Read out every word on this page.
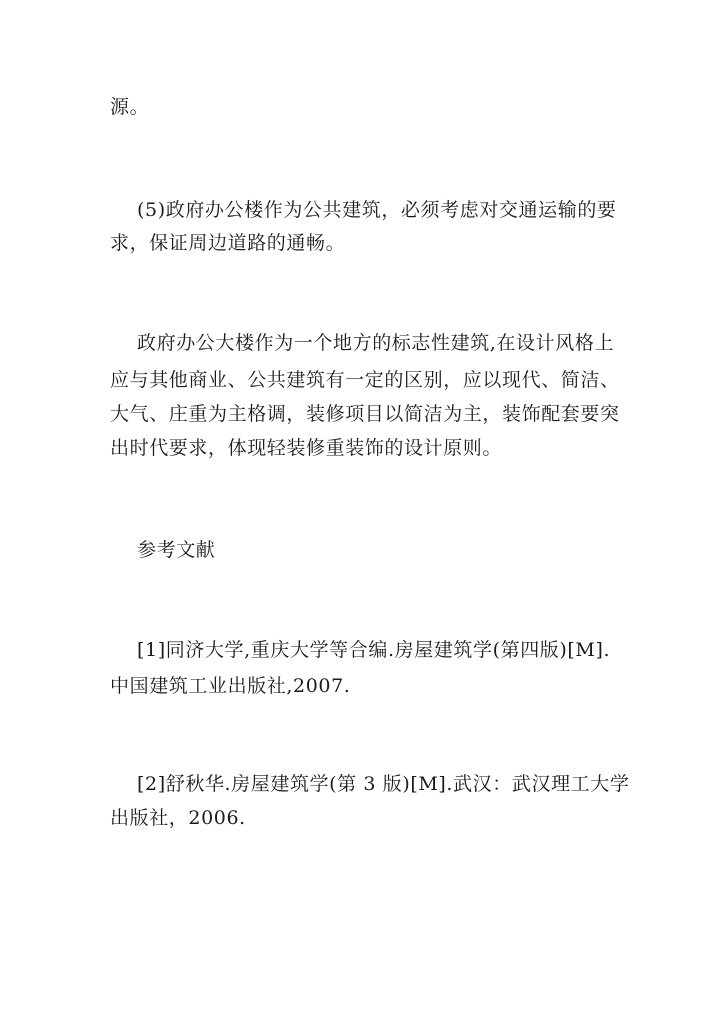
源。
(5)政府办公楼作为公共建筑，必须考虑对交通运输的要
求，保证周边道路的通畅。
政府办公大楼作为一个地方的标志性建筑,在设计风格上
应与其他商业、公共建筑有一定的区别，应以现代、简洁、
大气、庄重为主格调，装修项目以简洁为主，装饰配套要突
出时代要求，体现轻装修重装饰的设计原则。
参考文献
[1]同济大学,重庆大学等合编.房屋建筑学(第四版)[M].
中国建筑工业出版社,2007.
[2]舒秋华.房屋建筑学(第 3 版)[M].武汉：武汉理工大学
出版社，2006.
